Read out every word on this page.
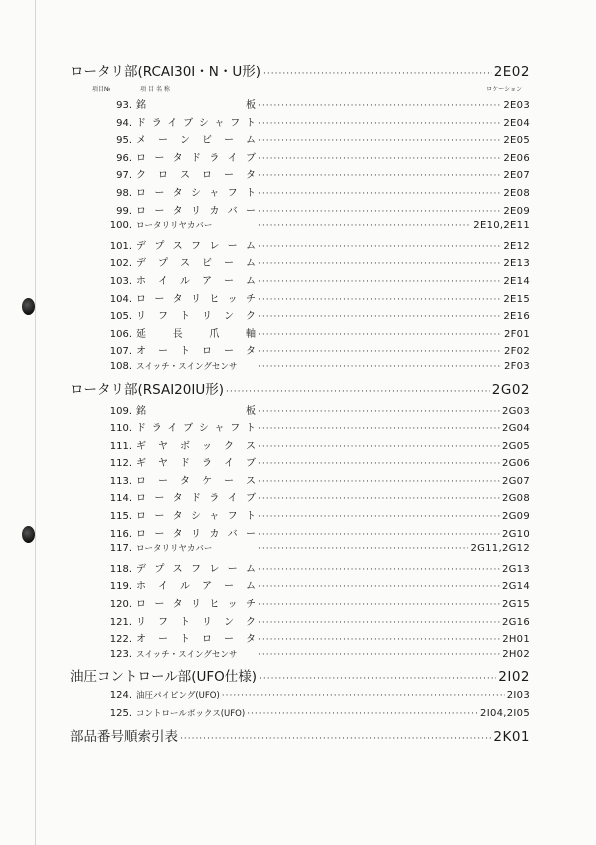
ロータリ部(RCAI30I・N・U形) ·····	2E02
項目№	項 目 名 称	ロケーション
93. 銘	板 ·····	2E03
94. ド ラ イ ブ シ ャ フ ト ·····	2E04
95. メ ー ン ビ ー ム ·····	2E05
96. ロ ー タ ド ラ イ ブ ·····	2E06
97. ク ロ ス ロ ー タ ·····	2E07
98. ロ ー タ シ ャ フ ト ·····	2E08
99. ロ ー タ リ カ バ ー ·····	2E09
100. ロータリリヤカバー ·····	2E10,2E11
101. デ プ ス フ レ ー ム ·····	2E12
102. デ プ ス ビ ー ム ·····	2E13
103. ホ イ ル ア ー ム ·····	2E14
104. ロ ー タ リ ヒ ッ チ ·····	2E15
105. リ フ ト リ ン ク ·····	2E16
106. 延	長	爪	軸 ·····	2F01
107. オ ー ト ロ ー タ ·····	2F02
108. スイッチ・スイングセンサ ·····	2F03
ロータリ部(RSAI20IU形) ·····	2G02
109. 銘	板 ·····	2G03
110. ド ラ イ ブ シ ャ フ ト ·····	2G04
111. ギ ヤ ボ ッ ク ス ·····	2G05
112. ギ ヤ ド ラ イ ブ ·····	2G06
113. ロ ー タ ケ ー ス ·····	2G07
114. ロ ー タ ド ラ イ ブ ·····	2G08
115. ロ ー タ シ ャ フ ト ·····	2G09
116. ロ ー タ リ カ バ ー ·····	2G10
117. ロータリリヤカバー ·····	2G11,2G12
118. デ プ ス フ レ ー ム ·····	2G13
119. ホ イ ル ア ー ム ·····	2G14
120. ロ ー タ リ ヒ ッ チ ·····	2G15
121. リ フ ト リ ン ク ·····	2G16
122. オ ー ト ロ ー タ ·····	2H01
123. スイッチ・スイングセンサ ·····	2H02
油圧コントロール部(UFO仕様) ·····	2I02
124. 油圧パイピング(UFO) ·····	2I03
125. コントロールボックス(UFO) ·····	2I04,2I05
部品番号順索引表 ·····	2K01
